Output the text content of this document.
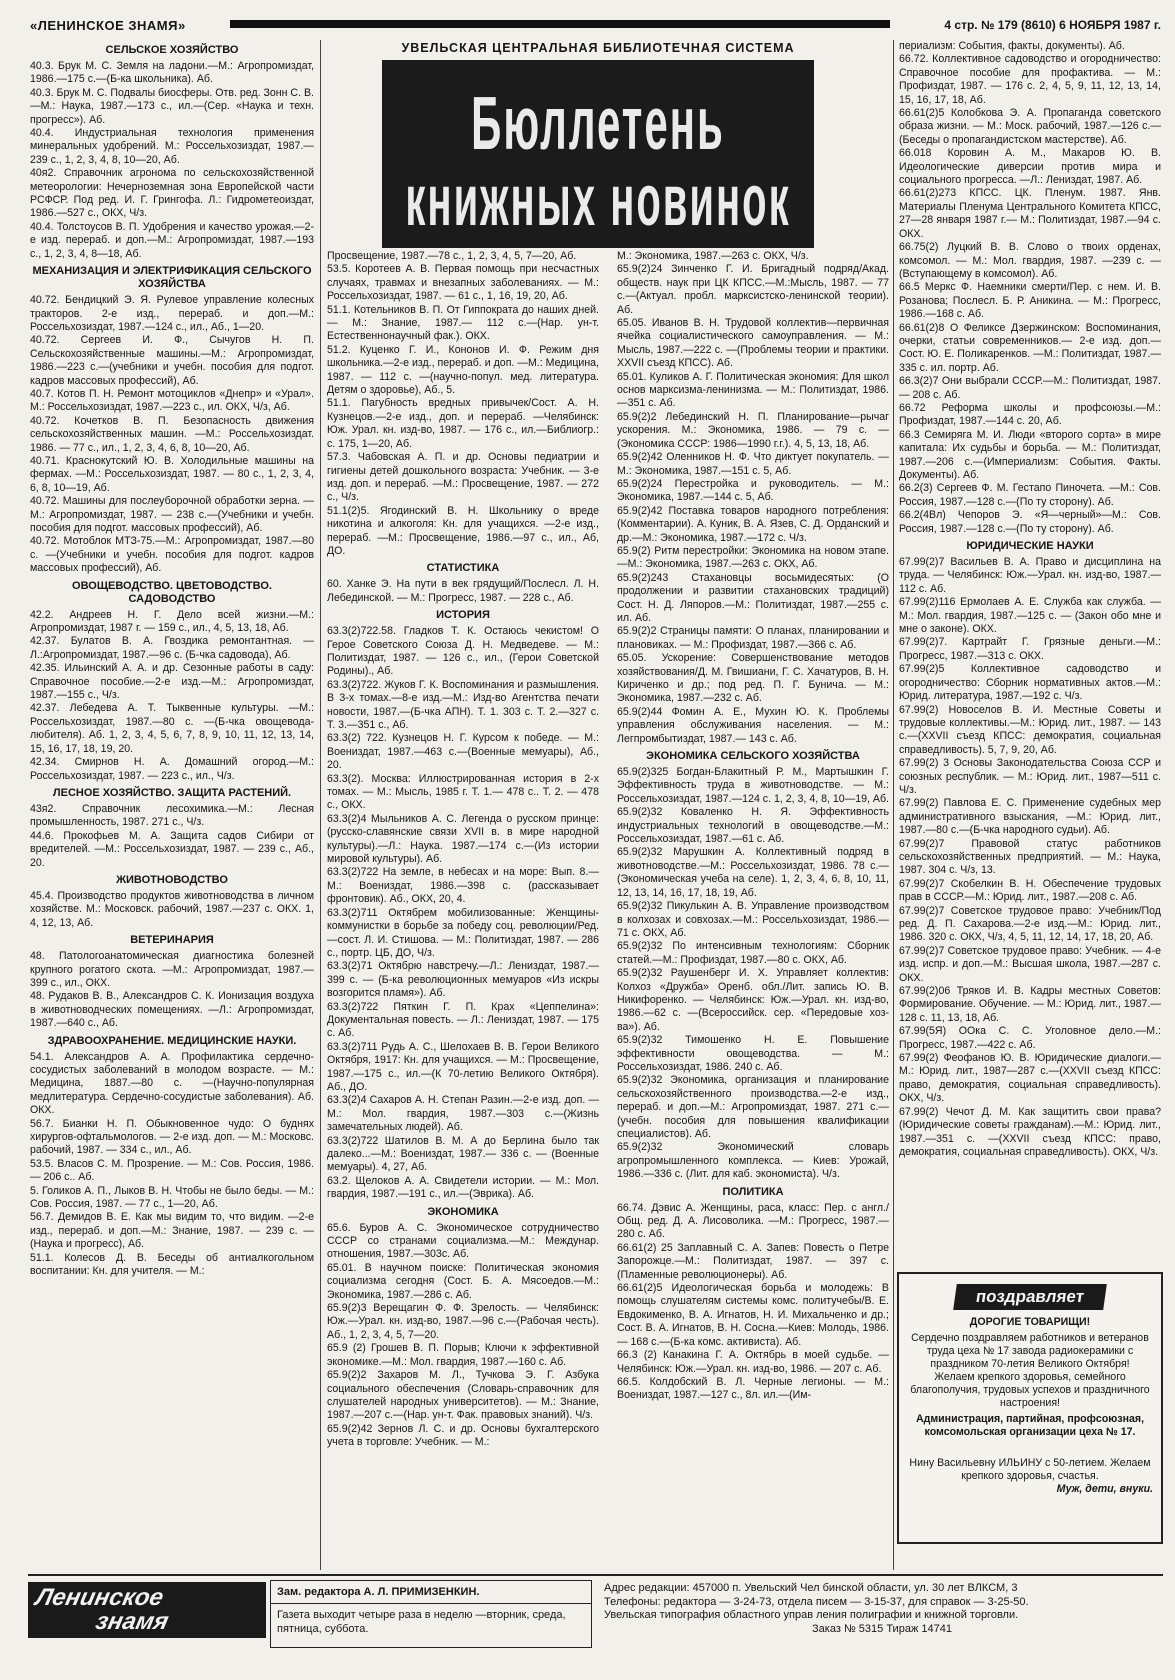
«ЛЕНИНСКОЕ ЗНАМЯ»	4 стр. № 179 (8610) 6 НОЯБРЯ 1987 г.
УВЕЛЬСКАЯ ЦЕНТРАЛЬНАЯ БИБЛИОТЕЧНАЯ СИСТЕМА
Бюллетень
книжных новинок
СЕЛЬСКОЕ ХОЗЯЙСТВО

40.3. Брук М. С. Земля на ладони.—М.: Агропромиздат, 1986.—175 с.—(Б-ка школьника). Аб.

40.3. Брук М. С. Подвалы биосферы. Отв. ред. Зонн С. В.—М.: Наука, 1987.—173 с., ил.—(Сер. «Наука и техн. прогресс»). Аб.

40.4. Индустриальная технология применения минеральных удобрений. М.: Россельхозиздат, 1987.—239 с., 1, 2, 3, 4, 8, 10—20, Аб.

40я2. Справочник агронома по сельскохозяйственной метеорологии: Нечерноземная зона Европейской части РСФСР. Под ред. И. Г. Грингофа. Л.: Гидрометеоиздат, 1986.—527 с., ОКХ, Ч/з.

40.4. Толстоусов В. П. Удобрения и качество урожая.—2-е изд. перераб. и доп.—М.: Агропромиздат, 1987.—193 с., 1, 2, 3, 4, 8—18, Аб.

МЕХАНИЗАЦИЯ И ЭЛЕКТРИФИКАЦИЯ СЕЛЬСКОГО ХОЗЯЙСТВА

40.72. Бендицкий Э. Я. Рулевое управление колесных тракторов. 2-е изд., перераб. и доп.—М.: Россельхозиздат, 1987.—124 с., ил., Аб., 1—20.

40.72. Сергеев И. Ф., Сычугов Н. П. Сельскохозяйственные машины.—М.: Агропромиздат, 1986.—223 с.—(учебники и учебн. пособия для подгот. кадров массовых профессий), Аб.

40.7. Котов П. Н. Ремонт мотоциклов «Днепр» и «Урал». М.: Россельхозиздат, 1987.—223 с., ил. ОКХ, Ч/з, Аб.

40.72. Кочетков В. П. Безопасность движения сельскохозяйственных машин. —М.: Россельхозиздат. 1986. — 77 с., ил., 1, 2, 3, 4, 6, 8, 10—20, Аб.

40.71. Краснокутский Ю. В. Холодильные машины на фермах. —М.: Россельхозиздат, 1987. — 80 с., 1, 2, 3, 4, 6, 8, 10—19, Аб.

40.72. Машины для послеуборочной обработки зерна. —М.: Агропромиздат, 1987. — 238 с.—(Учебники и учебн. пособия для подгот. массовых профессий), Аб.

40.72. Мотоблок МТЗ-75.—М.: Агропромиздат, 1987.—80 с. —(Учебники и учебн. пособия для подгот. кадров массовых профессий), Аб.

ОВОЩЕВОДСТВО. ЦВЕТОВОДСТВО. САДОВОДСТВО

42.2. Андреев Н. Г. Дело всей жизни.—М.: Агропромиздат, 1987 г. — 159 с., ил., 4, 5, 13, 18, Аб.

42.37. Булатов В. А. Гвоздика ремонтантная. — Л.:Агропромиздат, 1987.—96 с. (Б-чка садовода), Аб.

42.35. Ильинский А. А. и др. Сезонные работы в саду: Справочное пособие.—2-е изд.—М.: Агропромиздат, 1987.—155 с., Ч/з.

42.37. Лебедева А. Т. Тыквенные культуры. —М.: Россельхозиздат, 1987.—80 с. —(Б-чка овощевода-любителя). Аб. 1, 2, 3, 4, 5, 6, 7, 8, 9, 10, 11, 12, 13, 14, 15, 16, 17, 18, 19, 20.

42.34. Смирнов Н. А. Домашний огород.—М.: Россельхозиздат, 1987. — 223 с., ил., Ч/з.

ЛЕСНОЕ ХОЗЯЙСТВО. ЗАЩИТА РАСТЕНИЙ.

43я2. Справочник лесохимика.—М.: Лесная промышленность, 1987. 271 с., Ч/з.

44.6. Прокофьев М. А. Защита садов Сибири от вредителей. —М.: Россельхозиздат, 1987. — 239 с., Аб., 20.

ЖИВОТНОВОДСТВО

45.4. Производство продуктов животноводства в личном хозяйстве. М.: Московск. рабочий, 1987.—237 с. ОКХ. 1, 4, 12, 13, Аб.

ВЕТЕРИНАРИЯ

48. Патологоанатомическая диагностика болезней крупного рогатого скота. —М.: Агропромиздат, 1987.—399 с., ил., ОКХ.

48. Рудаков В. В., Александров С. К. Ионизация воздуха в животноводческих помещениях. —Л.: Агропромиздат, 1987.—640 с., Аб.

ЗДРАВООХРАНЕНИЕ. МЕДИЦИНСКИЕ НАУКИ.

54.1. Александров А. А. Профилактика сердечно-сосудистых заболеваний в молодом возрасте. — М.: Медицина, 1887.—80 с. —(Научно-популярная медлитература. Сердечно-сосудистые заболевания). Аб. ОКХ.

56.7. Бианки Н. П. Обыкновенное чудо: О буднях хирургов-офтальмологов. — 2-е изд. доп. — М.: Московс. рабочий, 1987. — 334 с., ил., Аб.

53.5. Власов С. М. Прозрение. — М.: Сов. Россия, 1986. — 206 с.. Аб.

5. Голиков А. П., Лыков В. Н. Чтобы не было беды. — М.: Сов. Россия, 1987. — 77 с., 1—20, Аб.

56.7. Демидов В. Е. Как мы видим то, что видим. —2-е изд., перераб. и доп.—М.: Знание, 1987. — 239 с. — (Наука и прогресс), Аб.

51.1. Колесов Д. В. Беседы об антиалкогольном воспитании: Кн. для учителя. — М.:

Просвещение, 1987.—78 с., 1, 2, 3, 4, 5, 7—20, Аб.

53.5. Коротеев А. В. Первая помощь при несчастных случаях, травмах и внезапных заболеваниях. — М.: Россельхозиздат, 1987. — 61 с., 1, 16, 19, 20, Аб.

51.1. Котельников В. П. От Гиппократа до наших дней.— М.: Знание, 1987.— 112 с.—(Нар. ун-т. Естественнонаучный фак.). ОКХ.

51.2. Куценко Г. И., Кононов И. Ф. Режим дня школьника.—2-е изд., перераб. и доп. —М.: Медицина, 1987. — 112 с. —(научно-попул. мед. литература. Детям о здоровье), Аб., 5.

51.1. Пагубность вредных привычек/Сост. А. Н. Кузнецов.—2-е изд., доп. и перераб. —Челябинск: Юж. Урал. кн. изд-во, 1987. — 176 с., ил.—Библиогр.: с. 175, 1—20, Аб.

57.3. Чабовская А. П. и др. Основы педиатрии и гигиены детей дошкольного возраста: Учебник. — 3-е изд. доп. и перераб. —М.: Просвещение, 1987. — 272 с., Ч/з.

51.1(2)5. Ягодинский В. Н. Школьнику о вреде никотина и алкоголя: Кн. для учащихся. —2-е изд., перераб. —М.: Просвещение, 1986.—97 с., ил., Аб, ДО.

СТАТИСТИКА

60. Ханке Э. На пути в век грядущий/Послесл. Л. Н. Лебединской. — М.: Прогресс, 1987. — 228 с., Аб.

ИСТОРИЯ

63.3(2)722.58. Гладков Т. К. Остаюсь чекистом! О Герое Советского Союза Д. Н. Медведеве. — М.: Политиздат, 1987. — 126 с., ил., (Герои Советской Родины)., Аб.

63.3(2)722. Жуков Г. К. Воспоминания и размышления. В 3-х томах.—8-е изд.—М.: Изд-во Агентства печати новости, 1987.—(Б-чка АПН). Т. 1. 303 с. Т. 2.—327 с. Т. 3.—351 с., Аб.

63.3(2) 722. Кузнецов Н. Г. Курсом к победе. — М.: Воениздат, 1987.—463 с.—(Военные мемуары), Аб., 20.

63.3(2). Москва: Иллюстрированная история в 2-х томах. — М.: Мысль, 1985 г. Т. 1.— 478 с.. Т. 2. — 478 с., ОКХ.

63.3(2)4 Мыльников А. С. Легенда о русском принце: (русско-славянские связи XVII в. в мире народной культуры).—Л.: Наука. 1987.—174 с.—(Из истории мировой культуры). Аб.

63.3(2)722 На земле, в небесах и на море: Вып. 8.—М.: Воениздат, 1986.—398 с. (рассказывает фронтовик). Аб., ОКХ, 20, 4.

63.3(2)711 Октябрем мобилизованные: Женщины-коммунистки в борьбе за победу соц. революции/Ред.—сост. Л. И. Стишова. — М.: Политиздат, 1987. — 286 с., портр. ЦБ, ДО, Ч/з.

63.3(2)71 Октябрю навстречу.—Л.: Лениздат, 1987.—399 с. — (Б-ка революционных мемуаров «Из искры возгорится пламя»). Аб.

63.3(2)722 Пяткин Г. П. Крах «Цеппелина»: Документальная повесть. — Л.: Лениздат, 1987. — 175 с. Аб.

63.3(2)711 Рудь А. С., Шелохаев В. В. Герои Великого Октября, 1917: Кн. для учащихся. — М.: Просвещение, 1987.—175 с., ил.—(К 70-летию Великого Октября). Аб., ДО.

63.3(2)4 Сахаров А. Н. Степан Разин.—2-е изд. доп. — М.: Мол. гвардия, 1987.—303 с.—(Жизнь замечательных людей). Аб.

63.3(2)722 Шатилов В. М. А до Берлина было так далеко...—М.: Воениздат, 1987.— 336 с. — (Военные мемуары). 4, 27, Аб.

63.2. Щелоков А. А. Свидетели истории. — М.: Мол. гвардия, 1987.—191 с., ил.—(Эврика). Аб.

ЭКОНОМИКА

65.6. Буров А. С. Экономическое сотрудничество СССР со странами социализма.—М.: Междунар. отношения, 1987.—303с. Аб.

65.01. В научном поиске: Политическая экономия социализма сегодня (Сост. Б. А. Мясоедов.—М.: Экономика, 1987.—286 с. Аб.

65.9(2)3 Верещагин Ф. Ф. Зрелость. — Челябинск: Юж.—Урал. кн. изд-во, 1987.—96 с.—(Рабочая честь). Аб., 1, 2, 3, 4, 5, 7—20.

65.9 (2) Грошев В. П. Порыв; Ключи к эффективной экономике.—М.: Мол. гвардия, 1987.—160 с. Аб.

65.9(2)2 Захаров М. Л., Тучкова Э. Г. Азбука социального обеспечения (Словарь-справочник для слушателей народных университетов). — М.: Знание, 1987.—207 с.—(Нар. ун-т. Фак. правовых знаний). Ч/з.

65.9(2)42 Зернов Л. С. и др. Основы бухгалтерского учета в торговле: Учебник. — М.:

М.: Экономика, 1987.—263 с. ОКХ, Ч/з.

65.9(2)24 Зинченко Г. И. Бригадный подряд/Акад. обществ. наук при ЦК КПСС.—М.:Мысль, 1987. — 77 с.—(Актуал. пробл. марксистско-ленинской теории). Аб.

65.05. Иванов В. Н. Трудовой коллектив—первичная ячейка социалистического самоуправления. — М.: Мысль, 1987.—222 с. —(Проблемы теории и практики. XXVII съезд КПСС). Аб.

65.01. Куликов А. Г. Политическая экономия: Для школ основ марксизма-ленинизма. — М.: Политиздат, 1986.—351 с. Аб.

65.9(2)2 Лебединский Н. П. Планирование—рычаг ускорения. М.: Экономика, 1986. — 79 с. — (Экономика СССР: 1986—1990 г.г.). 4, 5, 13, 18, Аб.

65.9(2)42 Оленников Н. Ф. Что диктует покупатель. — М.: Экономика, 1987.—151 с. 5, Аб.

65.9(2)24 Перестройка и руководитель. — М.: Экономика, 1987.—144 с. 5, Аб.

65.9(2)42 Поставка товаров народного потребления: (Комментарии). А. Куник, В. А. Язев, С. Д. Орданский и др.—М.: Экономика, 1987.—172 с. Ч/з.

65.9(2) Ритм перестройки: Экономика на новом этапе.—М.: Экономика, 1987.—263 с. ОКХ, Аб.

65.9(2)243 Стахановцы восьмидесятых: (О продолжении и развитии стахановских традиций) Сост. Н. Д. Ляпоров.—М.: Политиздат, 1987.—255 с. ил. Аб.

65.9(2)2 Страницы памяти: О планах, планировании и плановиках. — М.: Профиздат, 1987.—366 с. Аб.

65.05. Ускорение: Совершенствование методов хозяйствования/Д. М. Гвишиани, Г. С. Хачатуров, В. Н. Кириченко и др.; под ред. П. Г. Бунича. — М.: Экономика, 1987.—232 с. Аб.

65.9(2)44 Фомин А. Е., Мухин Ю. К. Проблемы управления обслуживания населения. — М.: Легпромбытиздат, 1987.— 143 с. Аб.

ЭКОНОМИКА СЕЛЬСКОГО ХОЗЯЙСТВА

65.9(2)325 Богдан-Блакитный Р. М., Мартышкин Г. Эффективность труда в животноводстве. — М.: Россельхозиздат, 1987.—124 с. 1, 2, 3, 4, 8, 10—19, Аб.

65.9(2)32 Коваленко Н. Я. Эффективность индустриальных технологий в овощеводстве.—М.: Россельхозиздат, 1987.—61 с. Аб.

65.9(2)32 Марушкин А. Коллективный подряд в животноводстве.—М.: Россельхозиздат, 1986. 78 с.—(Экономическая учеба на селе). 1, 2, 3, 4, 6, 8, 10, 11, 12, 13, 14, 16, 17, 18, 19, Аб.

65.9(2)32 Пикулькин А. В. Управление производством в колхозах и совхозах.—М.: Россельхозиздат, 1986.—71 с. ОКХ, Аб.

65.9(2)32 По интенсивным технологиям: Сборник статей.—М.: Профиздат, 1987.—80 с. ОКХ, Аб.

65.9(2)32 Раушенберг И. Х. Управляет коллектив: Колхоз «Дружба» Оренб. обл./Лит. запись Ю. В. Никифоренко. — Челябинск: Юж.—Урал. кн. изд-во, 1986.—62 с. —(Всероссийск. сер. «Передовые хоз-ва»). Аб.

65.9(2)32 Тимошенко Н. Е. Повышение эффективности овощеводства. — М.: Россельхозиздат, 1986. 240 с. Аб.

65.9(2)32 Экономика, организация и планирование сельскохозяйственного производства.—2-е изд., перераб. и доп.—М.: Агропромиздат, 1987. 271 с.— (учебн. пособия для повышения квалификации специалистов). Аб.

65.9(2)32 Экономический словарь агропромышленного комплекса. — Киев: Урожай, 1986.—336 с. (Лит. для каб. экономиста). Ч/з.

ПОЛИТИКА

66.74. Дэвис А. Женщины, раса, класс: Пер. с англ./Общ. ред. Д. А. Лисоволика. —М.: Прогресс, 1987.—280 с. Аб.

66.61(2) 25 Заплавный С. А. Запев: Повесть о Петре Запорожце.—М.: Политиздат, 1987. — 397 с. (Пламенные революционеры). Аб.

66.61(2)5 Идеологическая борьба и молодежь: В помощь слушателям системы комс. политучебы/В. Е. Евдокименко, В. А. Игнатов, Н. И. Михальченко и др.; Сост. В. А. Игнатов, В. Н. Сосна.—Киев: Молодь, 1986. — 168 с.—(Б-ка комс. активиста). Аб.

66.3 (2) Канакина Г. А. Октябрь в моей судьбе. — Челябинск: Юж.—Урал. кн. изд-во, 1986. — 207 с. Аб.

66.5. Колдобский В. Л. Черные легионы. — М.: Воениздат, 1987.—127 с., 8л. ил.—(Им-

периализм: События, факты, документы). Аб.

66.72. Коллективное садоводство и огородничество: Справочное пособие для профактива. — М.: Профиздат, 1987. — 176 с. 2, 4, 5, 9, 11, 12, 13, 14, 15, 16, 17, 18, Аб.

66.61(2)5 Колобкова Э. А. Пропаганда советского образа жизни. — М.: Моск. рабочий, 1987.—126 с.—(Беседы о пропагандистском мастерстве). Аб.

66.018 Коровин А. М., Макаров Ю. В. Идеологические диверсии против мира и социального прогресса. —Л.: Лениздат, 1987. Аб.

66.61(2)273 КПСС. ЦК. Пленум. 1987. Янв. Материалы Пленума Центрального Комитета КПСС, 27—28 января 1987 г.— М.: Политиздат, 1987.—94 с. ОКХ.

66.75(2) Луцкий В. В. Слово о твоих орденах, комсомол. — М.: Мол. гвардия, 1987. —239 с. —(Вступающему в комсомол). Аб.

66.5 Меркс Ф. Наемники смерти/Пер. с нем. И. В. Розанова; Послесл. Б. Р. Аникина. — М.: Прогресс, 1986.—168 с. Аб.

66.61(2)8 О Феликсе Дзержинском: Воспоминания, очерки, статьи современников.— 2-е изд. доп.—Сост. Ю. Е. Поликаренков. —М.: Политиздат, 1987.—335 с. ил. портр. Аб.

66.3(2)7 Они выбрали СССР.—М.: Политиздат, 1987. — 208 с. Аб.

66.72 Реформа школы и профсоюзы.—М.: Профиздат, 1987.—144 с. 20, Аб.

66.3 Семиряга М. И. Люди «второго сорта» в мире капитала: Их судьбы и борьба. — М.: Политиздат, 1987.—206 с.—(Империализм: События. Факты. Документы). Аб.

66.2(3) Сергеев Ф. М. Гестапо Пиночета. —М.: Сов. Россия, 1987.—128 с.—(По ту сторону). Аб.

66.2(4Вл) Чепоров Э. «Я—черный»—М.: Сов. Россия, 1987.—128 с.—(По ту сторону). Аб.

ЮРИДИЧЕСКИЕ НАУКИ

67.99(2)7 Васильев В. А. Право и дисциплина на труда. — Челябинск: Юж.—Урал. кн. изд-во, 1987.—112 с. Аб.

67.99(2)116 Ермолаев А. Е. Служба как служба. — М.: Мол. гвардия, 1987.—125 с. — (Закон обо мне и мне о законе). ОКХ.

67.99(2)7. Картрайт Г. Грязные деньги.—М.: Прогресс, 1987.—313 с. ОКХ.

67.99(2)5 Коллективное садоводство и огородничество: Сборник нормативных актов.—М.: Юрид. литература, 1987.—192 с. Ч/з.

67.99(2) Новоселов В. И. Местные Советы и трудовые коллективы.—М.: Юрид. лит., 1987. — 143 с.—(XXVII съезд КПСС: демократия, социальная справедливость). 5, 7, 9, 20, Аб.

67.99(2) 3 Основы Законодательства Союза ССР и союзных республик. — М.: Юрид. лит., 1987—511 с. Ч/з.

67.99(2) Павлова Е. С. Применение судебных мер административного взыскания, —М.: Юрид. лит., 1987.—80 с.—(Б-чка народного судьи). Аб.

67.99(2)7 Правовой статус работников сельскохозяйственных предприятий. — М.: Наука, 1987. 304 с. Ч/з, 13.

67.99(2)7 Скобелкин В. Н. Обеспечение трудовых прав в СССР.—М.: Юрид. лит., 1987.—208 с. Аб.

67.99(2)7 Советское трудовое право: Учебник/Под ред. Д. П. Сахарова.—2-е изд.—М.: Юрид. лит., 1986. 320 с. ОКХ, Ч/з, 4, 5, 11, 12, 14, 17, 18, 20, Аб.

67.99(2)7 Советское трудовое право: Учебник. — 4-е изд. испр. и доп.—М.: Высшая школа, 1987.—287 с. ОКХ.

67.99(2)06 Тряков И. В. Кадры местных Советов: Формирование. Обучение. — М.: Юрид. лит., 1987.—128 с. 11, 13, 18, Аб.

67.99(5Я) ООка С. С. Уголовное дело.—М.: Прогресс, 1987.—422 с. Аб.

67.99(2) Феофанов Ю. В. Юридические диалоги.—М.: Юрид. лит., 1987—287 с.—(XXVII съезд КПСС: право, демократия, социальная справедливость). ОКХ, Ч/з.

67.99(2) Чечот Д. М. Как защитить свои права? (Юридические советы гражданам).—М.: Юрид. лит., 1987.—351 с. —(XXVII съезд КПСС: право, демократия, социальная справедливость). ОКХ, Ч/з.

поздравляет

ДОРОГИЕ ТОВАРИЩИ!

Сердечно поздравляем работников и ветеранов труда цеха № 17 завода радиокерамики с праздником 70-летия Великого Октября!

Желаем крепкого здоровья, семейного благополучия, трудовых успехов и праздничного настроения!

Администрация, партийная, профсоюзная, комсомольская организации цеха № 17.

Нину Васильевну ИЛЬИНУ с 50-летием. Желаем крепкого здоровья, счастья.

Муж, дети, внуки.

Ленинское
знамя
Зам. редактора А. Л. ПРИМИЗЕНКИН.
Газета выходит четыре раза в неделю —вторник, среда, пятница, суббота.
Адрес редакции: 457000 п. Увельский Чел бинской области, ул. 30 лет ВЛКСМ, 3
Телефоны: редактора — 3-24-73, отдела писем — 3-15-37, для справок — 3-25-50.
Увельская типография областного управ ления полиграфии и книжной торговли.
Заказ № 5315 Тираж 14741
